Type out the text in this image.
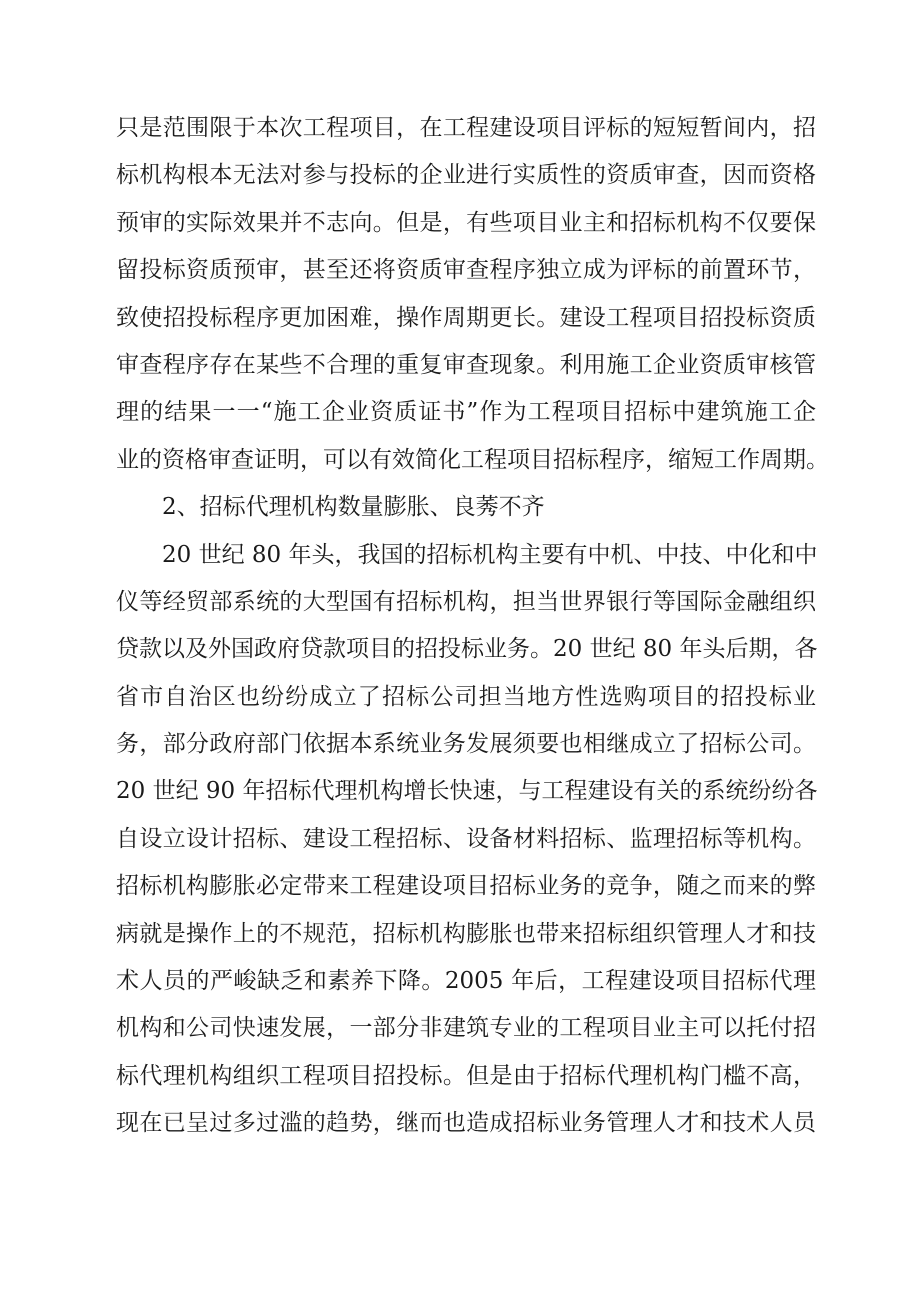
只是范围限于本次工程项目，在工程建设项目评标的短短暂间内，招
标机构根本无法对参与投标的企业进行实质性的资质审查，因而资格
预审的实际效果并不志向。但是，有些项目业主和招标机构不仅要保
留投标资质预审，甚至还将资质审查程序独立成为评标的前置环节，
致使招投标程序更加困难，操作周期更长。建设工程项目招投标资质
审查程序存在某些不合理的重复审查现象。利用施工企业资质审核管
理的结果一一“施工企业资质证书”作为工程项目招标中建筑施工企
业的资格审查证明，可以有效简化工程项目招标程序，缩短工作周期。
2、招标代理机构数量膨胀、良莠不齐
20 世纪 80 年头，我国的招标机构主要有中机、中技、中化和中
仪等经贸部系统的大型国有招标机构，担当世界银行等国际金融组织
贷款以及外国政府贷款项目的招投标业务。20 世纪 80 年头后期，各
省市自治区也纷纷成立了招标公司担当地方性选购项目的招投标业
务，部分政府部门依据本系统业务发展须要也相继成立了招标公司。
20 世纪 90 年招标代理机构增长快速，与工程建设有关的系统纷纷各
自设立设计招标、建设工程招标、设备材料招标、监理招标等机构。
招标机构膨胀必定带来工程建设项目招标业务的竞争，随之而来的弊
病就是操作上的不规范，招标机构膨胀也带来招标组织管理人才和技
术人员的严峻缺乏和素养下降。2005 年后，工程建设项目招标代理
机构和公司快速发展，一部分非建筑专业的工程项目业主可以托付招
标代理机构组织工程项目招投标。但是由于招标代理机构门槛不高，
现在已呈过多过滥的趋势，继而也造成招标业务管理人才和技术人员
